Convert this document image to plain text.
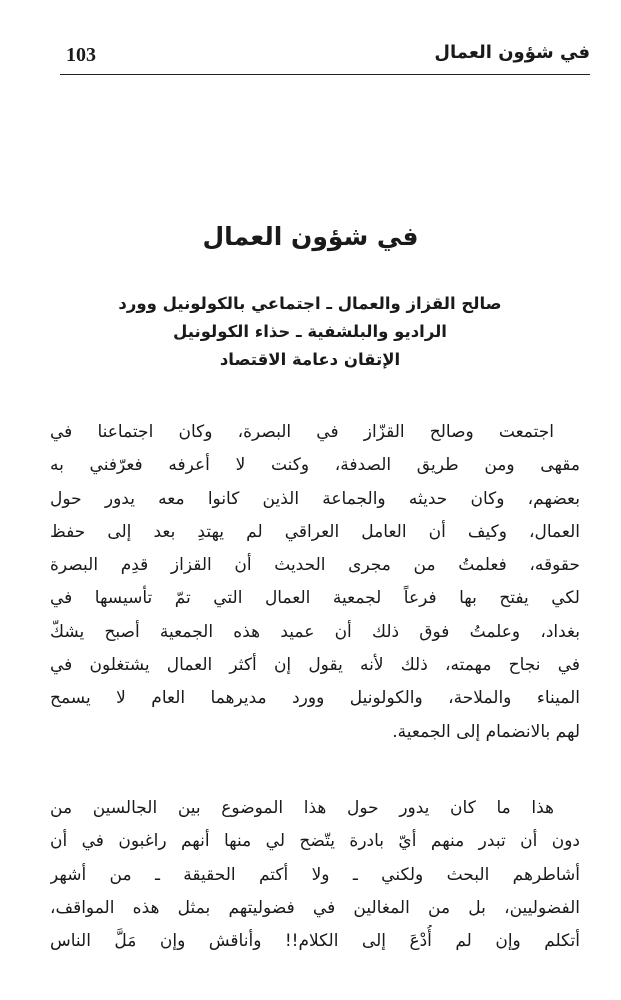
103	في شؤون العمال
في شؤون العمال
صالح القزاز والعمال ـ اجتماعي بالكولونيل وورد
الراديو والبلشفية ـ حذاء الكولونيل
الإتقان دعامة الاقتصاد
اجتمعت وصالح القزّاز في البصرة، وكان اجتماعنا في
مقهى ومن طريق الصدفة، وكنت لا أعرفه فعرّفني به
بعضهم، وكان حديثه والجماعة الذين كانوا معه يدور حول
العمال، وكيف أن العامل العراقي لم يهتدِ بعد إلى حفظ
حقوقه، فعلمتُ من مجرى الحديث أن القزاز قدِم البصرة
لكي يفتح بها فرعاً لجمعية العمال التي تمّ تأسيسها في
بغداد، وعلمتُ فوق ذلك أن عميد هذه الجمعية أصبح يشكّ
في نجاح مهمته، ذلك لأنه يقول إن أكثر العمال يشتغلون في
الميناء والملاحة، والكولونيل وورد مديرهما العام لا يسمح
لهم بالانضمام إلى الجمعية.
هذا ما كان يدور حول هذا الموضوع بين الجالسين من
دون أن تبدر منهم أيّ بادرة يتّضح لي منها أنهم راغبون في أن
أشاطرهم البحث ولكني ـ ولا أكتم الحقيقة ـ من أشهر
الفضوليين، بل من المغالين في فضوليتهم بمثل هذه المواقف،
أتكلم وإن لم أُدْعَ إلى الكلام!! وأناقش وإن مَلَّ الناس
